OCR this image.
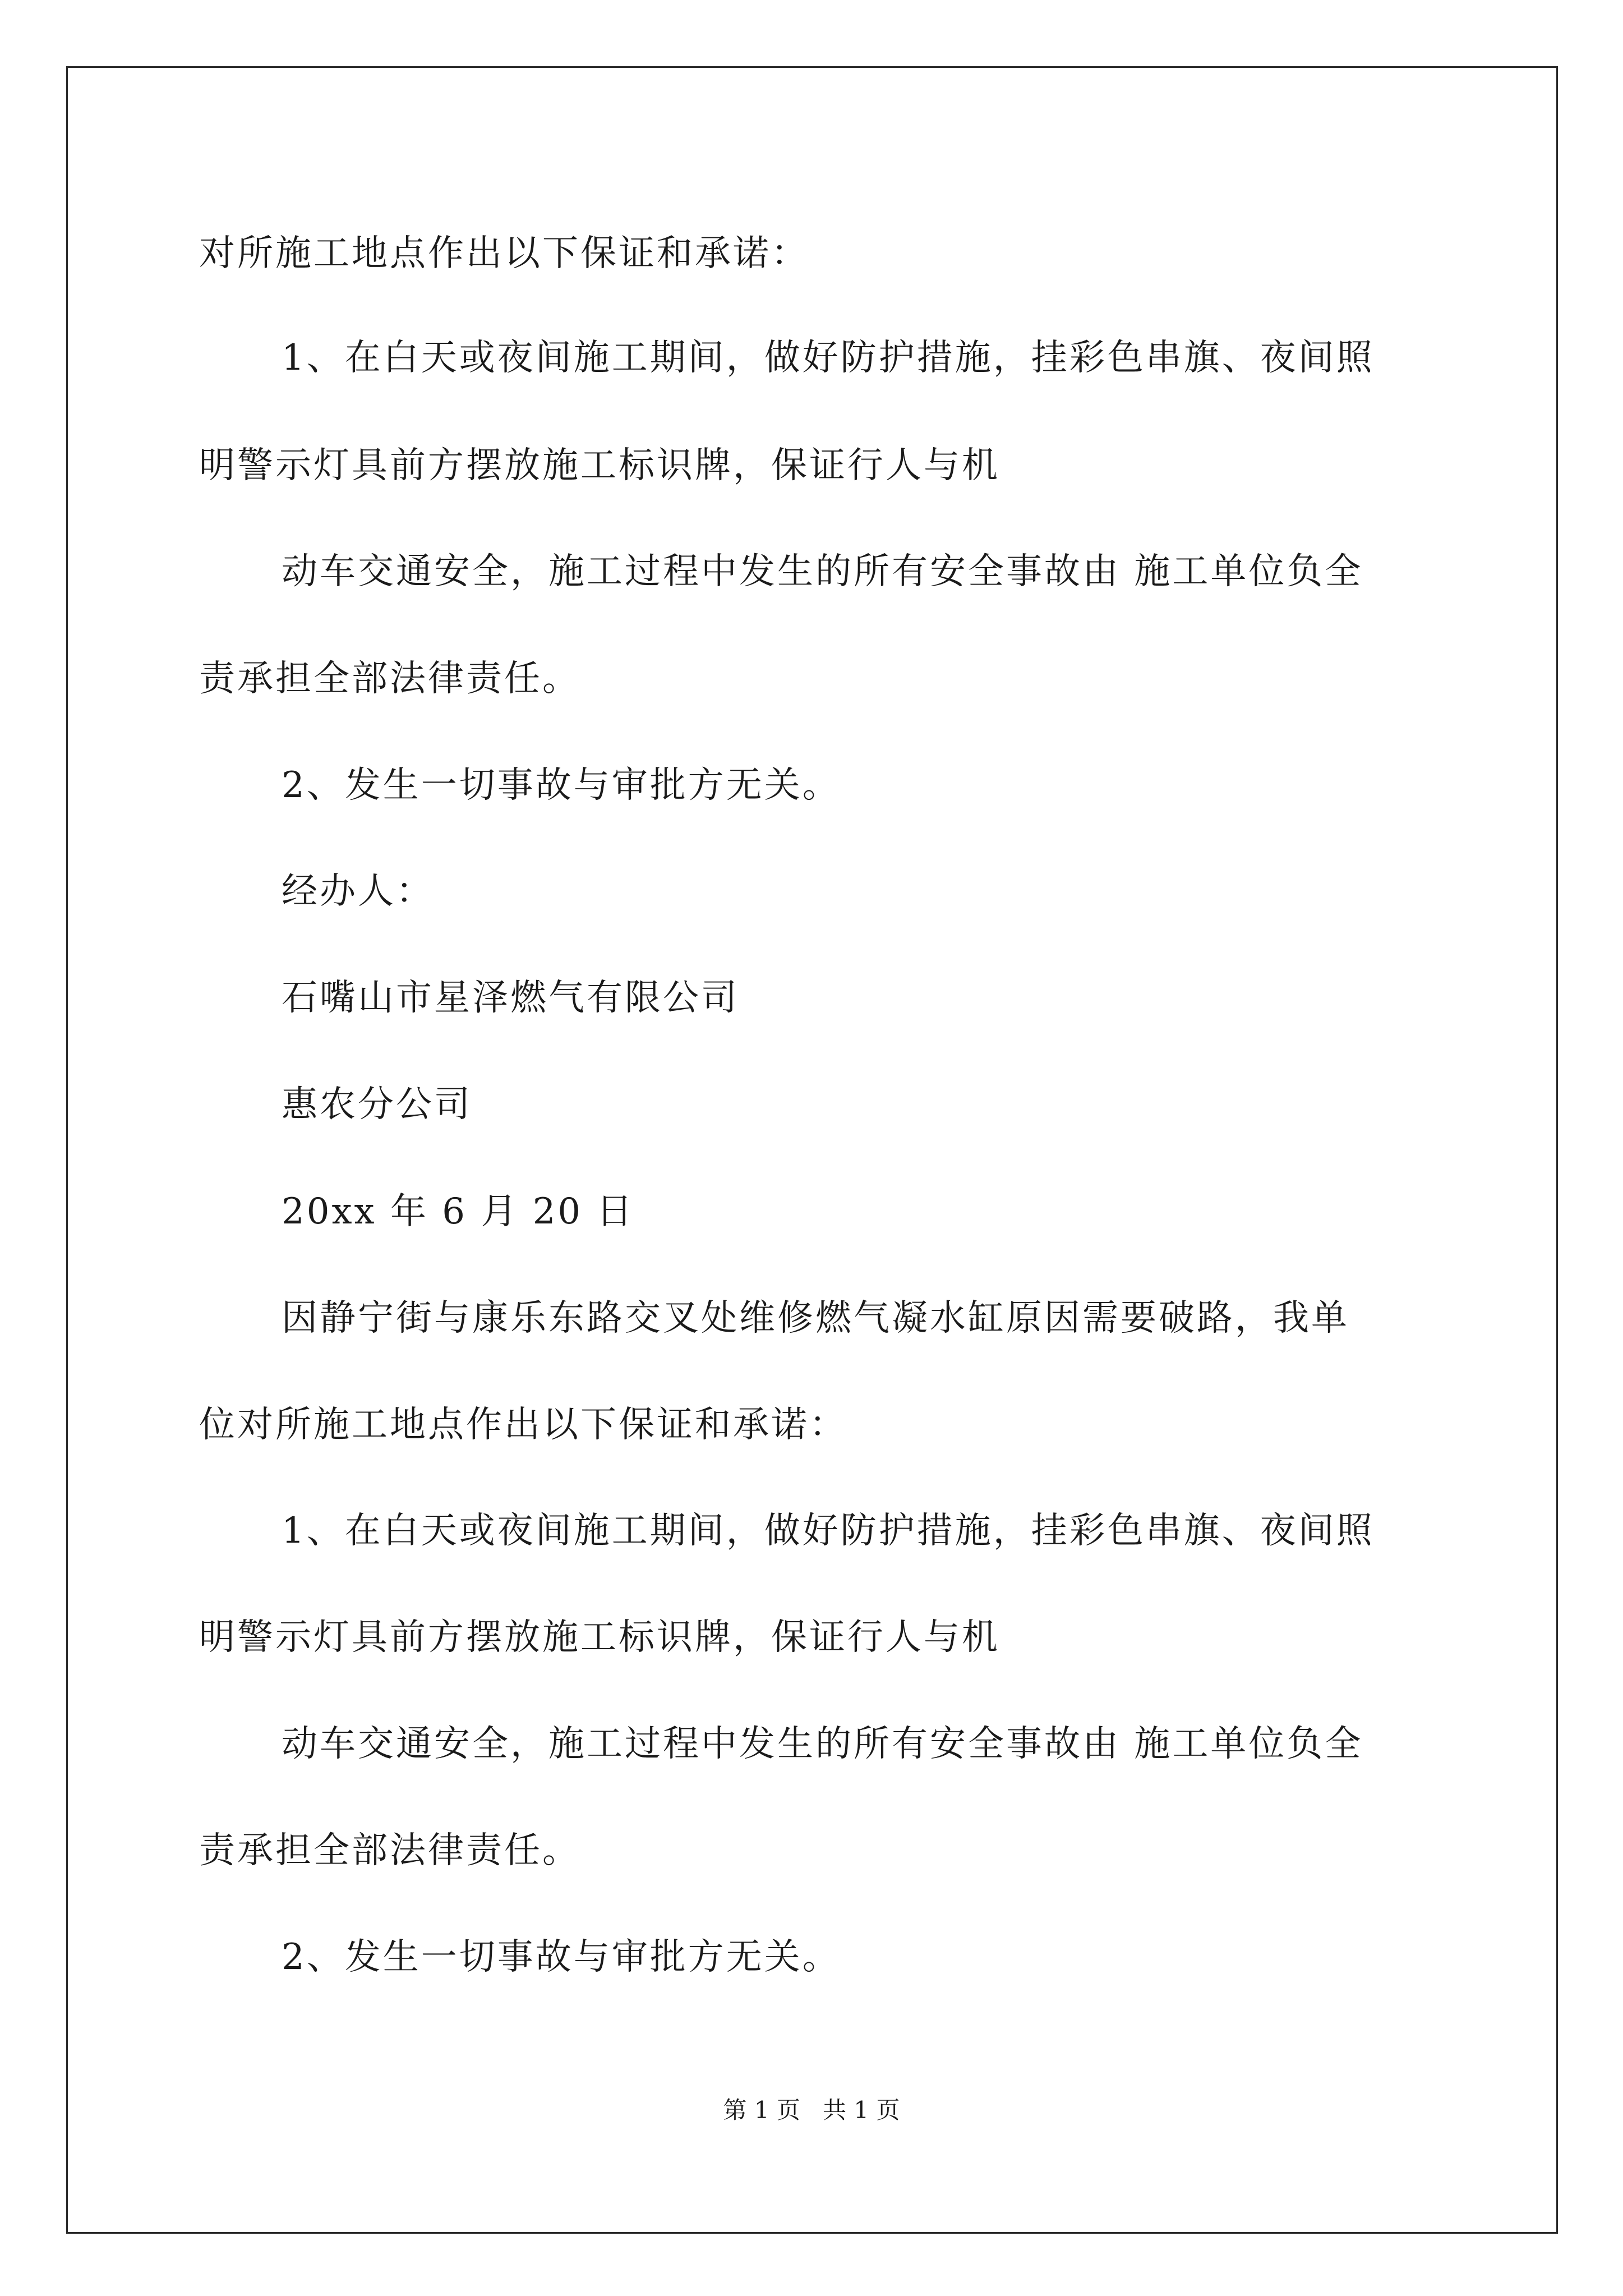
对所施工地点作出以下保证和承诺：
1、在白天或夜间施工期间，做好防护措施，挂彩色串旗、夜间照
明警示灯具前方摆放施工标识牌，保证行人与机
动车交通安全，施工过程中发生的所有安全事故由 施工单位负全
责承担全部法律责任。
2、发生一切事故与审批方无关。
经办人：
石嘴山市星泽燃气有限公司
惠农分公司
20xx 年 6 月 20 日
因静宁街与康乐东路交叉处维修燃气凝水缸原因需要破路，我单
位对所施工地点作出以下保证和承诺：
1、在白天或夜间施工期间，做好防护措施，挂彩色串旗、夜间照
明警示灯具前方摆放施工标识牌，保证行人与机
动车交通安全，施工过程中发生的所有安全事故由 施工单位负全
责承担全部法律责任。
2、发生一切事故与审批方无关。
第 1 页   共 1 页
